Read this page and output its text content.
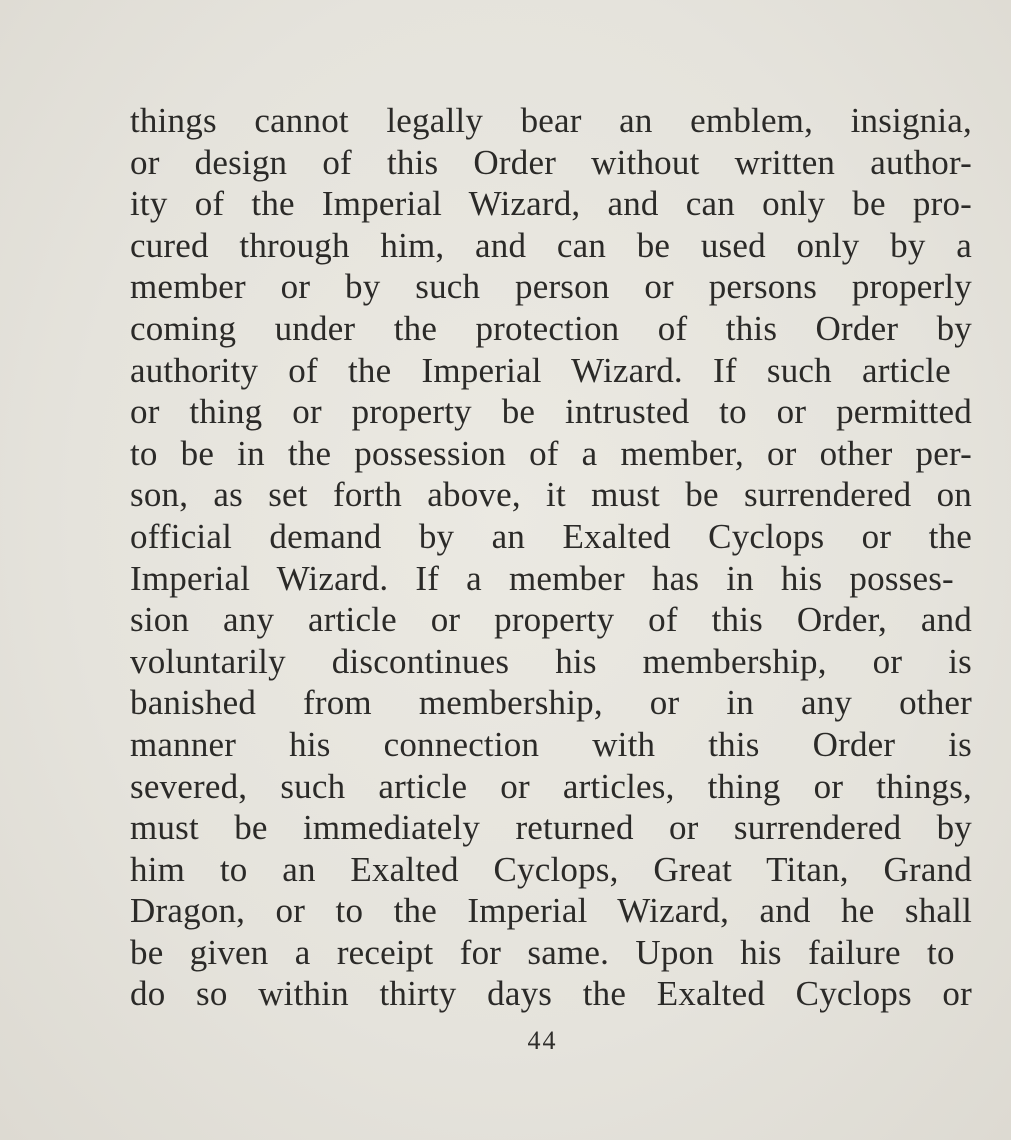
things cannot legally bear an emblem, insignia,
or design of this Order without written author-
ity of the Imperial Wizard, and can only be pro-
cured through him, and can be used only by a
member or by such person or persons properly
coming under the protection of this Order by
authority of the Imperial Wizard. If such article
or thing or property be intrusted to or permitted
to be in the possession of a member, or other per-
son, as set forth above, it must be surrendered on
official demand by an Exalted Cyclops or the
Imperial Wizard. If a member has in his posses-
sion any article or property of this Order, and
voluntarily discontinues his membership, or is
banished from membership, or in any other
manner his connection with this Order is
severed, such article or articles, thing or things,
must be immediately returned or surrendered by
him to an Exalted Cyclops, Great Titan, Grand
Dragon, or to the Imperial Wizard, and he shall
be given a receipt for same. Upon his failure to
do so within thirty days the Exalted Cyclops or
44
